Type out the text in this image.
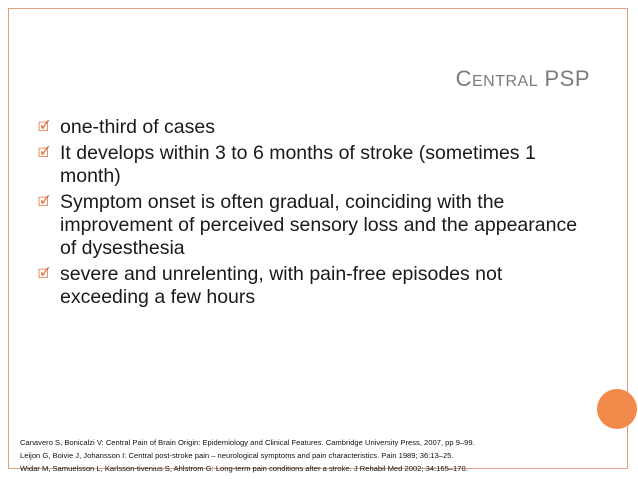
CENTRAL PSP
🗹 one-third of cases
🗹 It develops within 3 to 6 months of stroke (sometimes 1 month)
🗹 Symptom onset is often gradual, coinciding with the improvement of perceived sensory loss and the appearance of dysesthesia
🗹 severe and unrelenting, with pain-free episodes not exceeding a few hours
Canavero S, Bonicalzi V: Central Pain of Brain Origin: Epidemiology and Clinical Features. Cambridge University Press, 2007, pp 9–99.
Leijon G, Boivie J, Johansson I: Central post-stroke pain – neurological symptoms and pain characteristics. Pain 1989; 36:13–25.
Widar M, Samuelsson L, Karlsson-tivenius S, Ahlstrom G: Long-term pain conditions after a stroke. J Rehabil Med 2002; 34:165–170.
